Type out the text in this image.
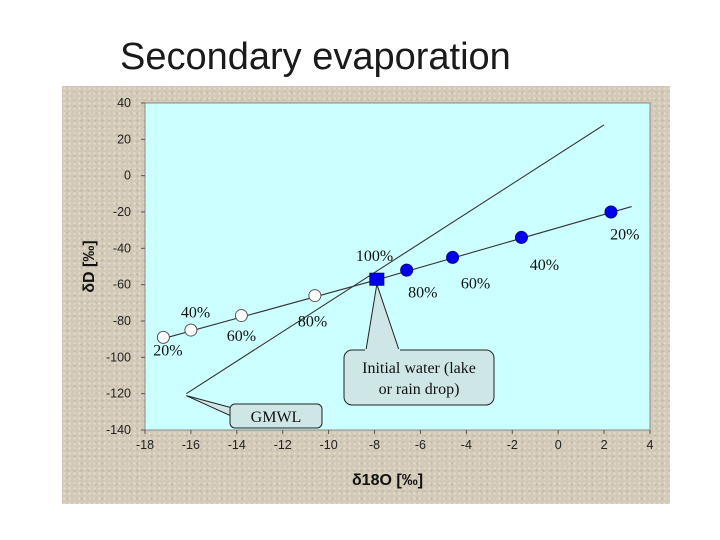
Secondary evaporation
Initial water (lake
or rain drop)
GMWL
100%
80%
60%
40%
20%
40%
60%
80%
20%
40
20
0
-20
-40
-60
-80
-100
-120
-140
-18 -16 -14 -12 -10	-8	-6	-4	-2	0	2	4
δD [‰]
δ18O [‰]
